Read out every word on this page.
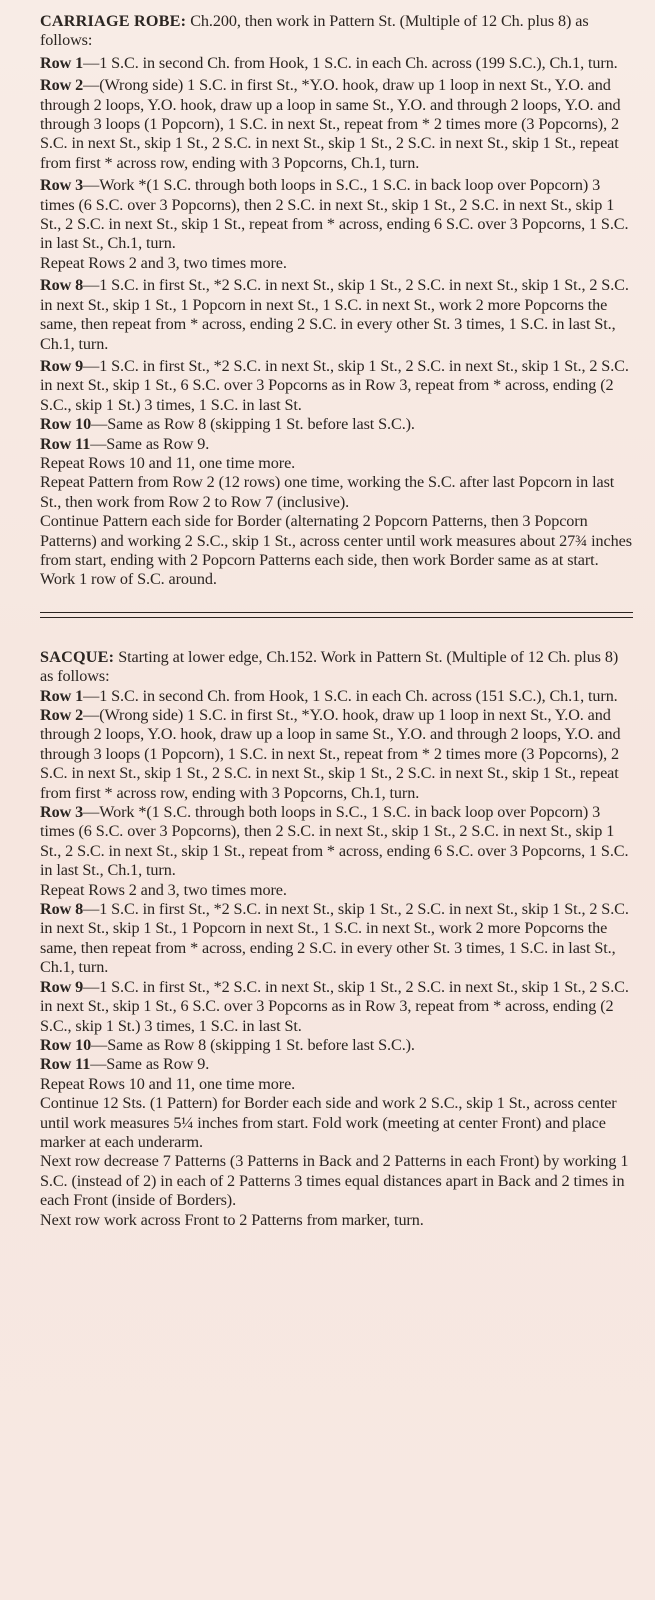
CARRIAGE ROBE: Ch.200, then work in Pattern St. (Multiple of 12 Ch. plus 8) as follows:

Row 1—1 S.C. in second Ch. from Hook, 1 S.C. in each Ch. across (199 S.C.), Ch.1, turn.

Row 2—(Wrong side) 1 S.C. in first St., *Y.O. hook, draw up 1 loop in next St., Y.O. and through 2 loops, Y.O. hook, draw up a loop in same St., Y.O. and through 2 loops, Y.O. and through 3 loops (1 Popcorn), 1 S.C. in next St., repeat from * 2 times more (3 Popcorns), 2 S.C. in next St., skip 1 St., 2 S.C. in next St., skip 1 St., 2 S.C. in next St., skip 1 St., repeat from first * across row, ending with 3 Popcorns, Ch.1, turn.

Row 3—Work *(1 S.C. through both loops in S.C., 1 S.C. in back loop over Popcorn) 3 times (6 S.C. over 3 Popcorns), then 2 S.C. in next St., skip 1 St., 2 S.C. in next St., skip 1 St., 2 S.C. in next St., skip 1 St., repeat from * across, ending 6 S.C. over 3 Popcorns, 1 S.C. in last St., Ch.1, turn.

Repeat Rows 2 and 3, two times more.

Row 8—1 S.C. in first St., *2 S.C. in next St., skip 1 St., 2 S.C. in next St., skip 1 St., 2 S.C. in next St., skip 1 St., 1 Popcorn in next St., 1 S.C. in next St., work 2 more Popcorns the same, then repeat from * across, ending 2 S.C. in every other St. 3 times, 1 S.C. in last St., Ch.1, turn.

Row 9—1 S.C. in first St., *2 S.C. in next St., skip 1 St., 2 S.C. in next St., skip 1 St., 2 S.C. in next St., skip 1 St., 6 S.C. over 3 Popcorns as in Row 3, repeat from * across, ending (2 S.C., skip 1 St.) 3 times, 1 S.C. in last St.

Row 10—Same as Row 8 (skipping 1 St. before last S.C.).

Row 11—Same as Row 9.

Repeat Rows 10 and 11, one time more.

Repeat Pattern from Row 2 (12 rows) one time, working the S.C. after last Popcorn in last St., then work from Row 2 to Row 7 (inclusive).

Continue Pattern each side for Border (alternating 2 Popcorn Patterns, then 3 Popcorn Patterns) and working 2 S.C., skip 1 St., across center until work measures about 27¾ inches from start, ending with 2 Popcorn Patterns each side, then work Border same as at start. Work 1 row of S.C. around.

SACQUE: Starting at lower edge, Ch.152. Work in Pattern St. (Multiple of 12 Ch. plus 8) as follows:

Row 1—1 S.C. in second Ch. from Hook, 1 S.C. in each Ch. across (151 S.C.), Ch.1, turn.

Row 2—(Wrong side) 1 S.C. in first St., *Y.O. hook, draw up 1 loop in next St., Y.O. and through 2 loops, Y.O. hook, draw up a loop in same St., Y.O. and through 2 loops, Y.O. and through 3 loops (1 Popcorn), 1 S.C. in next St., repeat from * 2 times more (3 Popcorns), 2 S.C. in next St., skip 1 St., 2 S.C. in next St., skip 1 St., 2 S.C. in next St., skip 1 St., repeat from first * across row, ending with 3 Popcorns, Ch.1, turn.

Row 3—Work *(1 S.C. through both loops in S.C., 1 S.C. in back loop over Popcorn) 3 times (6 S.C. over 3 Popcorns), then 2 S.C. in next St., skip 1 St., 2 S.C. in next St., skip 1 St., 2 S.C. in next St., skip 1 St., repeat from * across, ending 6 S.C. over 3 Popcorns, 1 S.C. in last St., Ch.1, turn.

Repeat Rows 2 and 3, two times more.

Row 8—1 S.C. in first St., *2 S.C. in next St., skip 1 St., 2 S.C. in next St., skip 1 St., 2 S.C. in next St., skip 1 St., 1 Popcorn in next St., 1 S.C. in next St., work 2 more Popcorns the same, then repeat from * across, ending 2 S.C. in every other St. 3 times, 1 S.C. in last St., Ch.1, turn.

Row 9—1 S.C. in first St., *2 S.C. in next St., skip 1 St., 2 S.C. in next St., skip 1 St., 2 S.C. in next St., skip 1 St., 6 S.C. over 3 Popcorns as in Row 3, repeat from * across, ending (2 S.C., skip 1 St.) 3 times, 1 S.C. in last St.

Row 10—Same as Row 8 (skipping 1 St. before last S.C.).

Row 11—Same as Row 9.

Repeat Rows 10 and 11, one time more.

Continue 12 Sts. (1 Pattern) for Border each side and work 2 S.C., skip 1 St., across center until work measures 5¼ inches from start. Fold work (meeting at center Front) and place marker at each underarm.

Next row decrease 7 Patterns (3 Patterns in Back and 2 Patterns in each Front) by working 1 S.C. (instead of 2) in each of 2 Patterns 3 times equal distances apart in Back and 2 times in each Front (inside of Borders).

Next row work across Front to 2 Patterns from marker, turn.
